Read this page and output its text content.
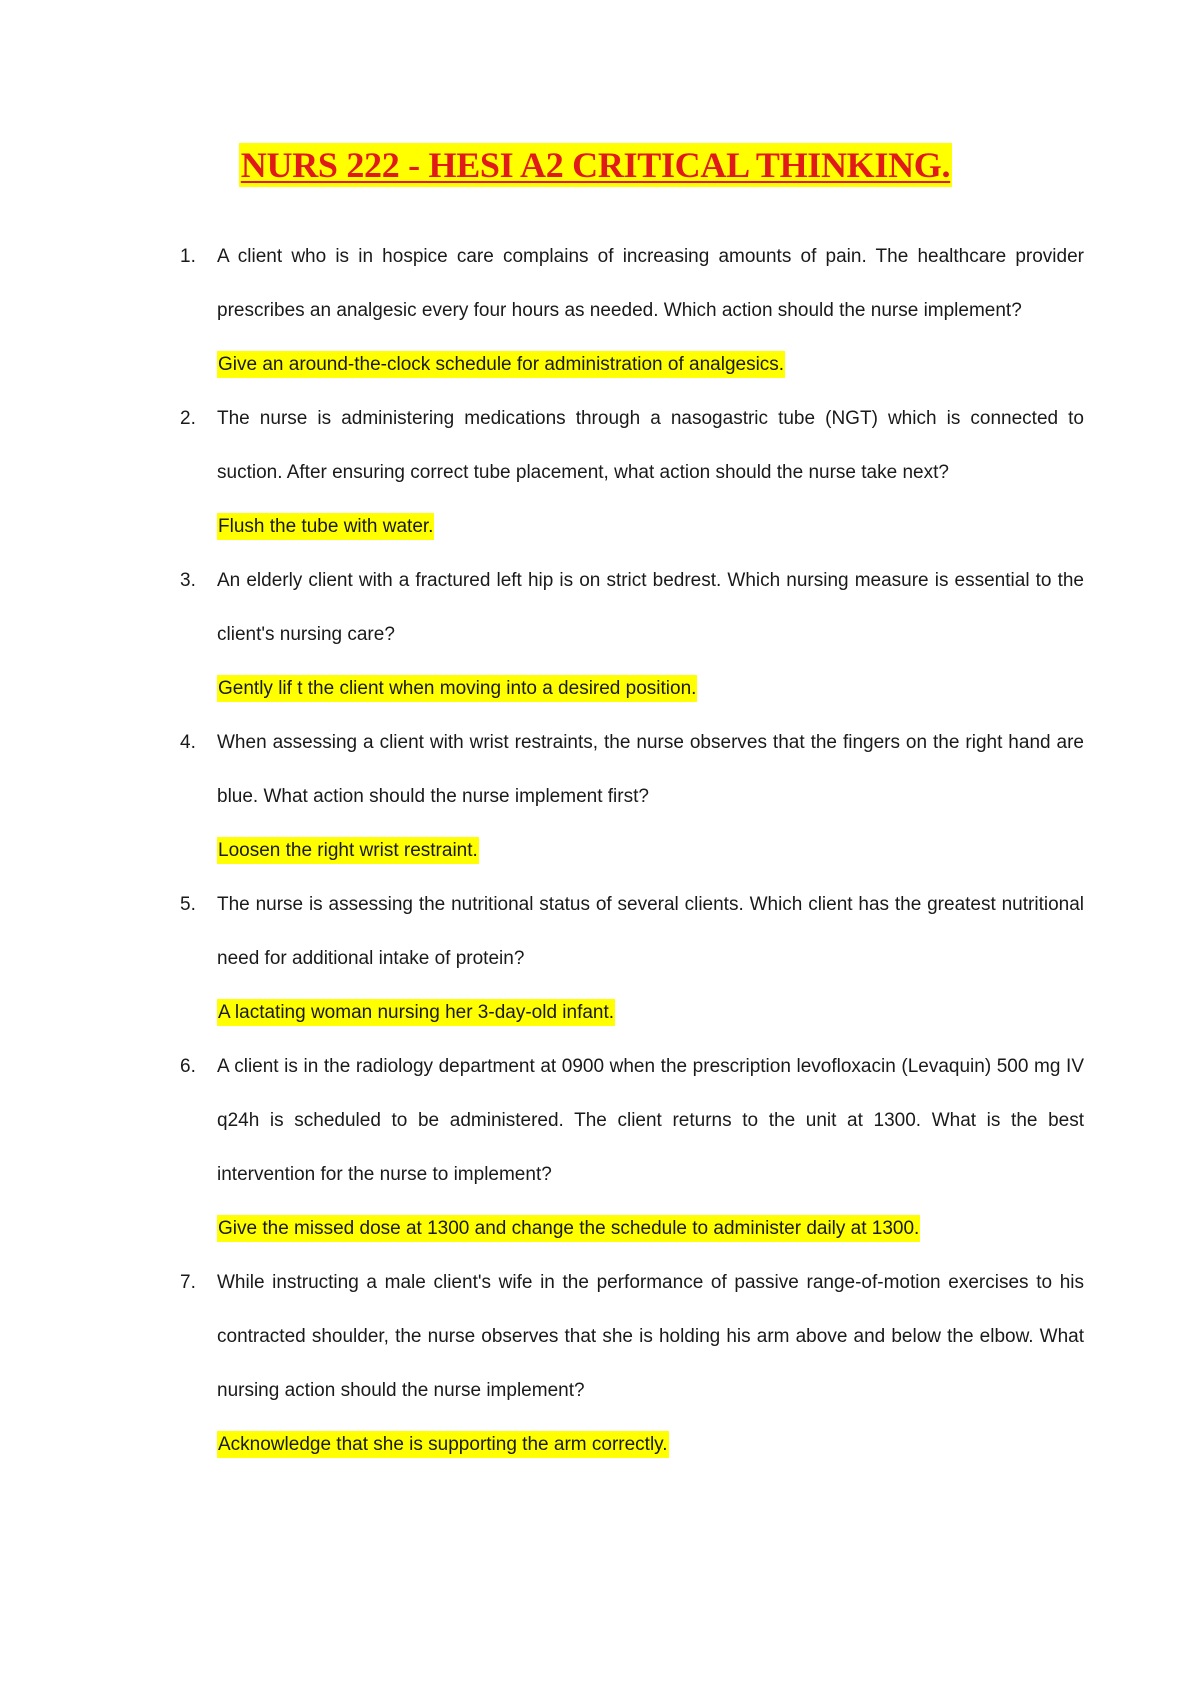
NURS 222 - HESI A2 CRITICAL THINKING.
1.	A client who is in hospice care complains of increasing amounts of pain. The healthcare provider prescribes an analgesic every four hours as needed. Which action should the nurse implement?
Give an around-the-clock schedule for administration of analgesics.
2.	The nurse is administering medications through a nasogastric tube (NGT) which is connected to suction. After ensuring correct tube placement, what action should the nurse take next?
Flush the tube with water.
3.	An elderly client with a fractured left hip is on strict bedrest. Which nursing measure is essential to the client's nursing care?
Gently lif t the client when moving into a desired position.
4.	When assessing a client with wrist restraints, the nurse observes that the fingers on the right hand are blue. What action should the nurse implement first?
Loosen the right wrist restraint.
5.	The nurse is assessing the nutritional status of several clients. Which client has the greatest nutritional need for additional intake of protein?
A lactating woman nursing her 3-day-old infant.
6.	A client is in the radiology department at 0900 when the prescription levofloxacin (Levaquin) 500 mg IV q24h is scheduled to be administered. The client returns to the unit at 1300. What is the best intervention for the nurse to implement?
Give the missed dose at 1300 and change the schedule to administer daily at 1300.
7.	While instructing a male client's wife in the performance of passive range-of-motion exercises to his contracted shoulder, the nurse observes that she is holding his arm above and below the elbow. What nursing action should the nurse implement?
Acknowledge that she is supporting the arm correctly.
